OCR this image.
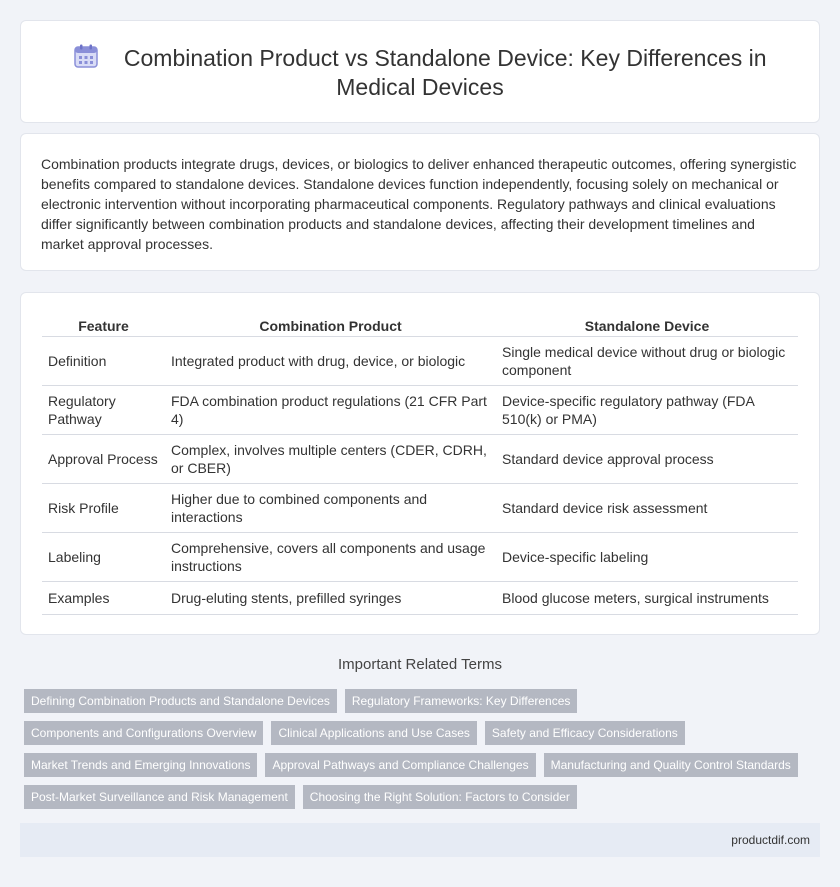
Combination Product vs Standalone Device: Key Differences in Medical Devices

Combination products integrate drugs, devices, or biologics to deliver enhanced therapeutic outcomes, offering synergistic benefits compared to standalone devices. Standalone devices function independently, focusing solely on mechanical or electronic intervention without incorporating pharmaceutical components. Regulatory pathways and clinical evaluations differ significantly between combination products and standalone devices, affecting their development timelines and market approval processes.

Feature	Combination Product	Standalone Device
Definition	Integrated product with drug, device, or biologic	Single medical device without drug or biologic component
Regulatory Pathway	FDA combination product regulations (21 CFR Part 4)	Device-specific regulatory pathway (FDA 510(k) or PMA)
Approval Process	Complex, involves multiple centers (CDER, CDRH, or CBER)	Standard device approval process
Risk Profile	Higher due to combined components and interactions	Standard device risk assessment
Labeling	Comprehensive, covers all components and usage instructions	Device-specific labeling
Examples	Drug-eluting stents, prefilled syringes	Blood glucose meters, surgical instruments
Important Related Terms
Defining Combination Products and Standalone Devices	Regulatory Frameworks: Key Differences
Components and Configurations Overview	Clinical Applications and Use Cases	Safety and Efficacy Considerations
Market Trends and Emerging Innovations	Approval Pathways and Compliance Challenges	Manufacturing and Quality Control Standards
Post-Market Surveillance and Risk Management	Choosing the Right Solution: Factors to Consider
productdif.com
